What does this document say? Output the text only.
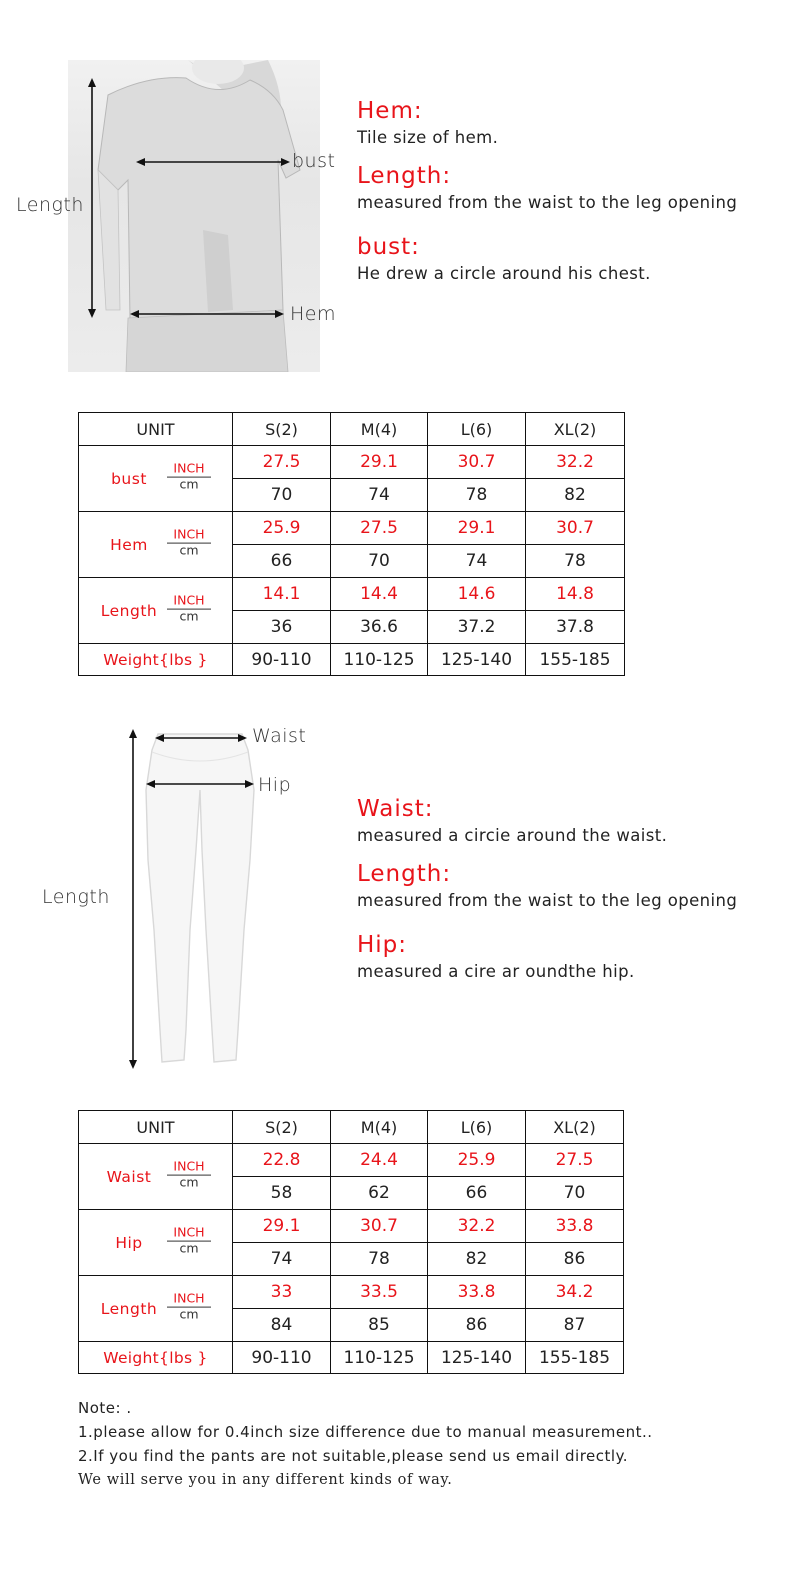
Length
bust
Hem
Hem:
Tile size of hem.
Length:
measured from the waist to the leg opening
bust:
He drew a circle around his chest.
UNIT	S(2)	M(4)	L(6)	XL(2)

bust
INCH
cm	27.5	29.1	30.7	32.2
	70	74	78	82

Hem
INCH
cm	25.9	27.5	29.1	30.7
	66	70	74	78

Length
INCH
cm	14.1	14.4	14.6	14.8
	36	36.6	37.2	37.8
Weight{lbs }	90-110	110-125	125-140	155-185
Length
Waist
Hip
Waist:
measured a circie around the waist.
Length:
measured from the waist to the leg opening
Hip:
measured a cire ar oundthe hip.
UNIT	S(2)	M(4)	L(6)	XL(2)

Waist
INCH
cm	22.8	24.4	25.9	27.5
	58	62	66	70

Hip
INCH
cm	29.1	30.7	32.2	33.8
	74	78	82	86

Length
INCH
cm	33	33.5	33.8	34.2
	84	85	86	87
Weight{lbs }	90-110	110-125	125-140	155-185
Note: .
1.please allow for 0.4inch size difference due to manual measurement..
2.If you find the pants are not suitable,please send us email directly.
We will serve you in any different kinds of way.
